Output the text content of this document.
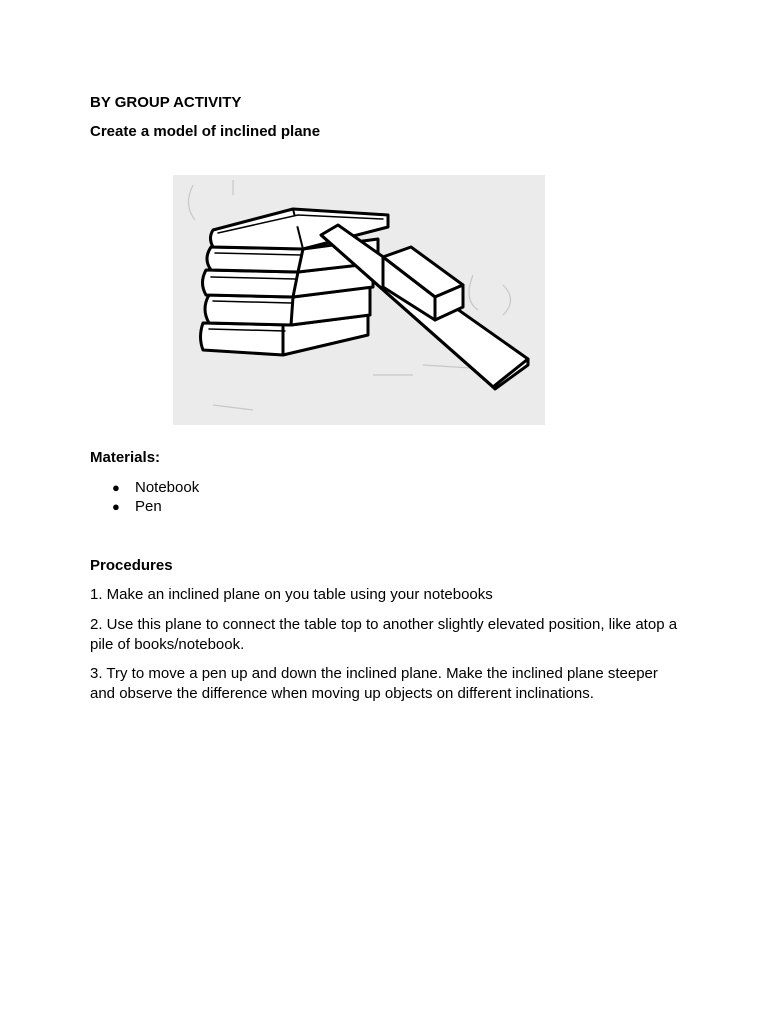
BY GROUP ACTIVITY

Create a model of inclined plane

Materials:

● Notebook
● Pen

Procedures

1. Make an inclined plane on you table using your notebooks

2. Use this plane to connect the table top to another slightly elevated position, like atop a pile of books/notebook.

3. Try to move a pen up and down the inclined plane. Make the inclined plane steeper and observe the difference when moving up objects on different inclinations.
